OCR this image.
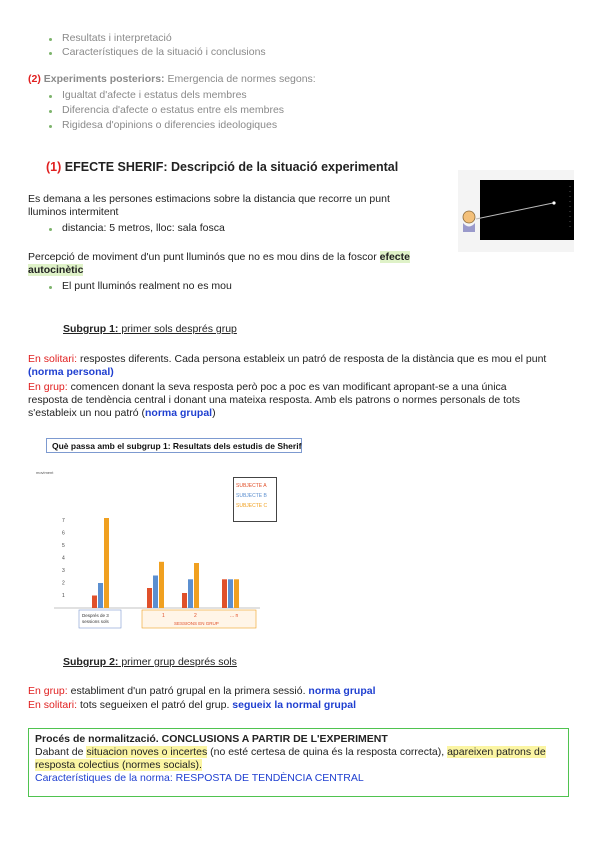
Resultats i interpretació
Característiques de la situació i conclusions
(2) Experiments posteriors: Emergencia de normes segons:
Igualtat d'afecte i estatus dels membres
Diferencia d'afecte o estatus entre els membres
Rigidesa d'opinions o diferencies ideologiques
(1) EFECTE SHERIF: Descripció de la situació experimental
Es demana a les persones estimacions sobre la distancia que recorre un punt lluminos intermitent
distancia: 5 metros, lloc: sala fosca
Percepció de moviment d'un punt lluminós que no es mou dins de la foscor efecte autocinètic
El punt lluminós realment no es mou
Subgrup 1: primer sols després grup
En solitari: respostes diferents. Cada persona estableix un patró de resposta de la distància que es mou el punt (norma personal)
En grup: comencen donant la seva resposta però poc a poc es van modificant apropant-se a una única resposta de tendència central i donant una mateixa resposta. Amb els patrons o normes personals de tots s'estableix un nou patró (norma grupal)
Què passa amb el subgrup 1: Resultats dels estudis de Sherif
moviment
1
2
3
4
5
6
7
Després de 3
sessions sols
1	2	... n
SESSIONS EN GRUP
SUBJECTE A
SUBJECTE B
SUBJECTE C
Subgrup 2: primer grup després sols
En grup: establiment d'un patró grupal en la primera sessió. norma grupal
En solitari: tots segueixen el patró del grup. segueix la normal grupal
Procés de normalització. CONCLUSIONS A PARTIR DE L'EXPERIMENT
Dabant de situacion noves o incertes (no esté certesa de quina és la resposta correcta), apareixen patrons de resposta colectius (normes socials).
Característiques de la norma: RESPOSTA DE TENDÈNCIA CENTRAL
